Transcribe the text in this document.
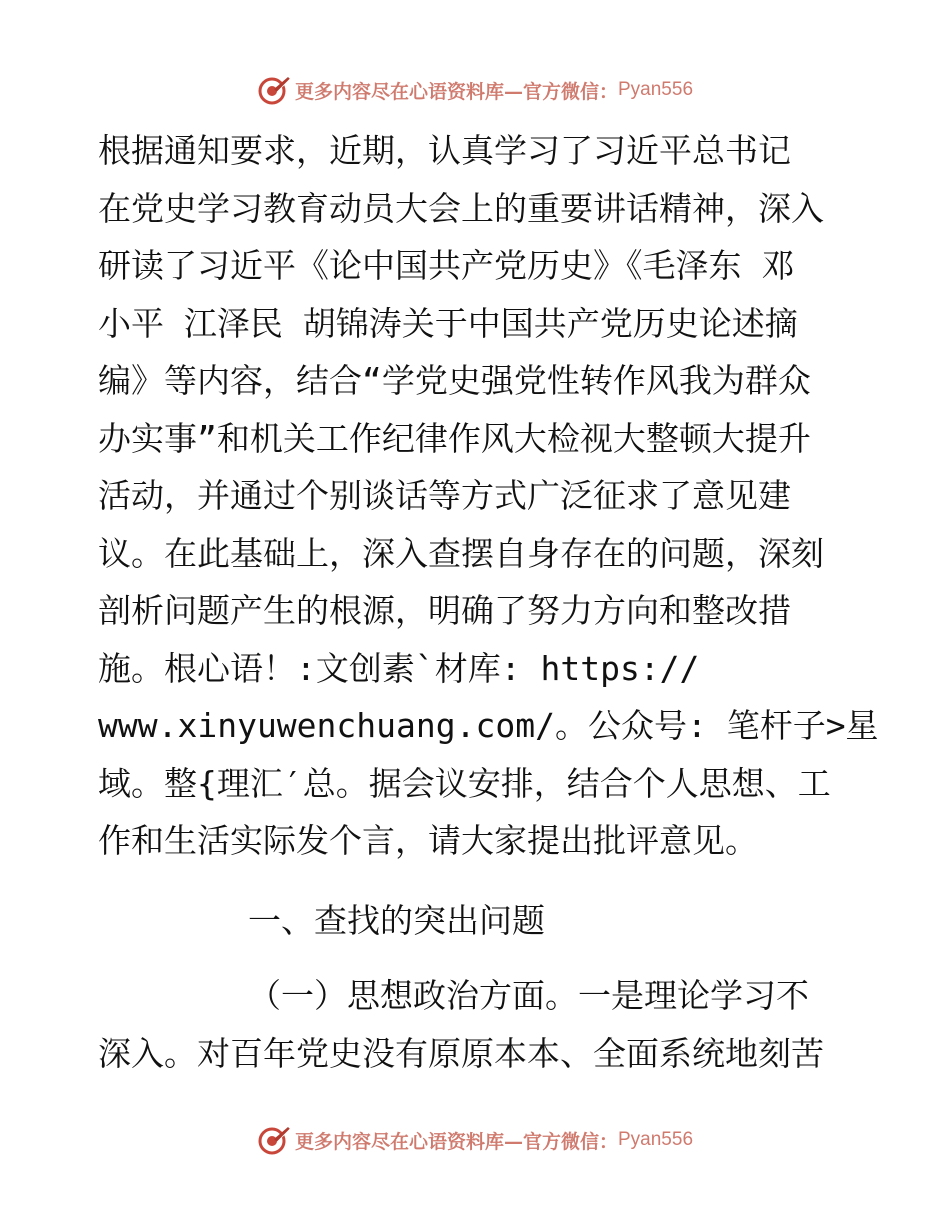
更多内容尽在心语资料库—官方微信： Pyan556
根据通知要求，近期，认真学习了习近平总书记
在党史学习教育动员大会上的重要讲话精神，深入
研读了习近平《论中国共产党历史》《毛泽东 邓
小平 江泽民 胡锦涛关于中国共产党历史论述摘
编》等内容，结合“学党史强党性转作风我为群众
办实事”和机关工作纪律作风大检视大整顿大提升
活动，并通过个别谈话等方式广泛征求了意见建
议。在此基础上，深入查摆自身存在的问题，深刻
剖析问题产生的根源，明确了努力方向和整改措
施。根心语！:文创素`材库: https://
www.xinyuwenchuang.com/。公众号: 笔杆子>星
域。整{理汇′总。据会议安排，结合个人思想、工
作和生活实际发个言，请大家提出批评意见。
一、查找的突出问题
（一）思想政治方面。一是理论学习不
深入。对百年党史没有原原本本、全面系统地刻苦
更多内容尽在心语资料库—官方微信： Pyan556
